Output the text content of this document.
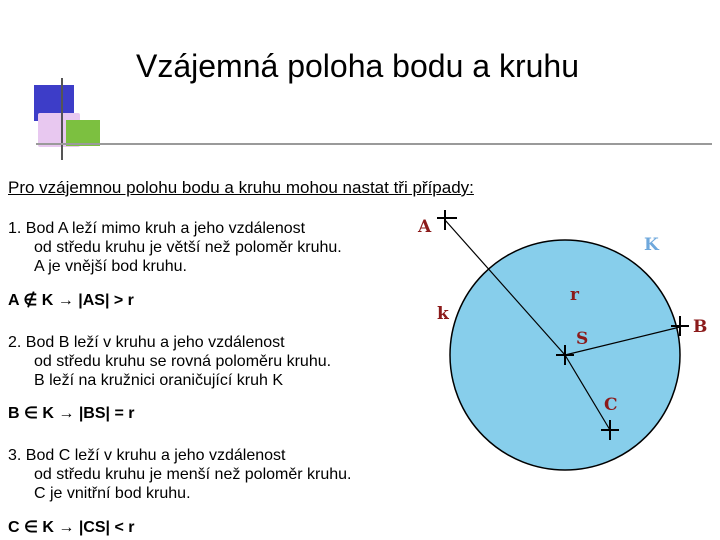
Vzájemná poloha bodu a kruhu
Pro vzájemnou polohu bodu a kruhu mohou nastat tři případy:
1. Bod A leží mimo kruh a jeho vzdálenost
od středu kruhu je větší než poloměr kruhu.
A je vnější bod kruhu.
A ∉ K → |AS| > r
2. Bod B leží v kruhu a jeho vzdálenost
od středu kruhu se rovná poloměru kruhu.
B leží na kružnici oraničující kruh K
B ∈ K → |BS| = r
3. Bod C leží v kruhu a jeho vzdálenost
od středu kruhu je menší než poloměr kruhu.
C je vnitřní bod kruhu.
C ∈ K → |CS| < r
A
B
S
C
r
K
k
